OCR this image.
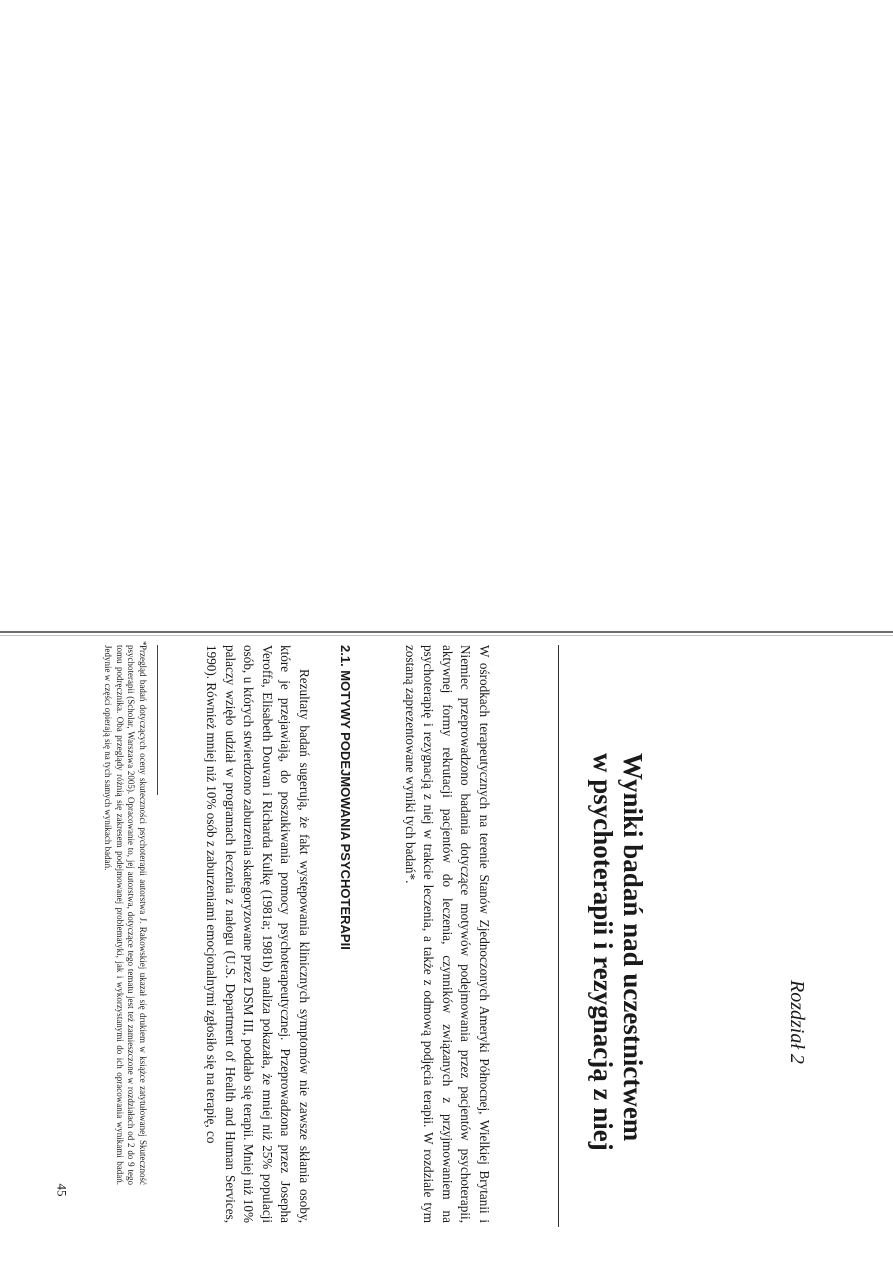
Rozdział 2
Wyniki badań nad uczestnictwem
w psychoterapii i rezygnacją z niej
W ośrodkach terapeutycznych na terenie Stanów Zjednoczonych Ameryki Północnej, Wielkiej Brytanii i Niemiec przeprowadzono badania dotyczące motywów podejmowania przez pacjentów psychoterapii, aktywnej formy rekrutacji pacjentów do leczenia, czynników związanych z przyjmowaniem na psychoterapię i rezygnacją z niej w trakcie leczenia, a także z odmową podjęcia terapii. W rozdziale tym zostaną zaprezentowane wyniki tych badań*.
2.1. MOTYWY PODEJMOWANIA PSYCHOTERAPII
Rezultaty badań sugerują, że fakt występowania klinicznych symptomów nie zawsze skłania osoby, które je przejawiają, do poszukiwania pomocy psychoterapeutycznej. Przeprowadzona przez Josepha Veroffa, Elisabeth Douvan i Richarda Kulkę (1981a; 1981b) analiza pokazała, że mniej niż 25% populacji osób, u których stwierdzono zaburzenia skategoryzowane przez DSM III, poddało się terapii. Mniej niż 10% palaczy wzięło udział w programach leczenia z nałogu (U.S. Department of Health and Human Services, 1990). Również mniej niż 10% osób z zaburzeniami emocjonalnymi zgłosiło się na terapię, co
*
Przegląd badań dotyczących oceny skuteczności psychoterapii autorstwa J. Rakowskiej ukazał się drukiem w książce zatytułowanej Skuteczność psychoterapii (Scholar, Warszawa 2005). Opracowanie to, jej autorstwa, dotyczące tego tematu jest też zamieszczone w rozdziałach od 2 do 9 tego tomu podręcznika. Oba przeglądy różnią się zakresem podejmowanej problematyki, jak i wykorzystanymi do ich opracowania wynikami badań. Jedynie w części opierają się na tych samych wynikach badań.
45
